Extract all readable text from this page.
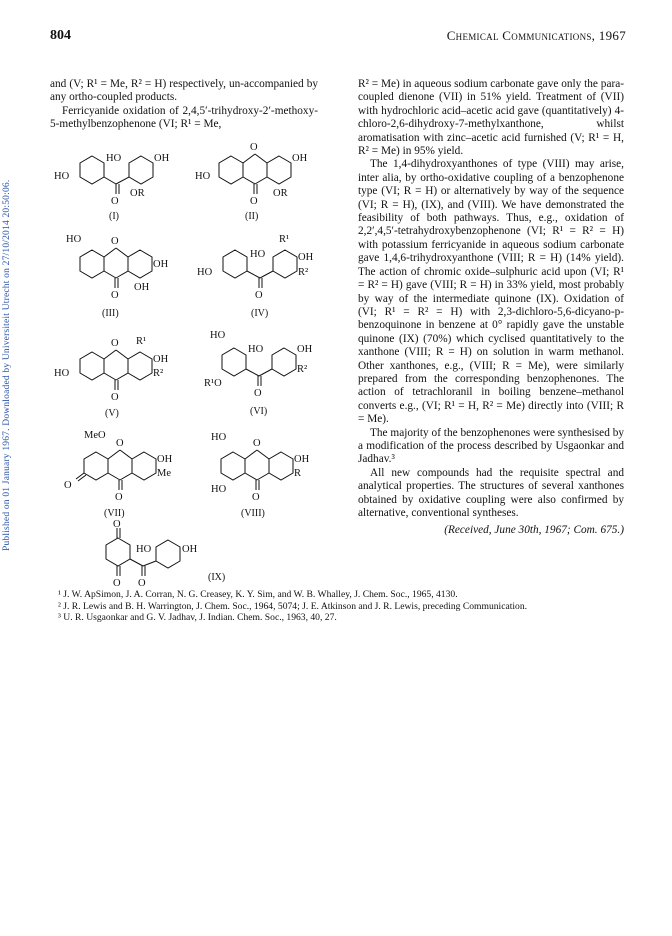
Published on 01 January 1967. Downloaded by Universiteit Utrecht on 27/10/2014 20:50:06.
804	Chemical Communications, 1967

and (V; R¹ = Me, R² = H) respectively, un-accompanied by any ortho-coupled products.

Ferricyanide oxidation of 2,4,5′-trihydroxy-2′-methoxy-5-methylbenzophenone (VI; R¹ = Me,

R² = Me) in aqueous sodium carbonate gave only the para-coupled dienone (VII) in 51% yield. Treatment of (VII) with hydrochloric acid–acetic acid gave (quantitatively) 4-chloro-2,6-dihydroxy-7-methylxanthone, whilst aromatisation with zinc–acetic acid furnished (V; R¹ = H, R² = Me) in 95% yield.

The 1,4-dihydroxyanthones of type (VIII) may arise, inter alia, by ortho-oxidative coupling of a benzophenone type (VI; R = H) or alternatively by way of the sequence (VI; R = H), (IX), and (VIII). We have demonstrated the feasibility of both pathways. Thus, e.g., oxidation of 2,2′,4,5′-tetrahydroxybenzophenone (VI; R¹ = R² = H) with potassium ferricyanide in aqueous sodium carbonate gave 1,4,6-trihydroxyanthone (VIII; R = H) (14% yield). The action of chromic oxide–sulphuric acid upon (VI; R¹ = R² = H) gave (VIII; R = H) in 33% yield, most probably by way of the intermediate quinone (IX). Oxidation of (VI; R¹ = R² = H) with 2,3-dichloro-5,6-dicyano-p-benzoquinone in benzene at 0° rapidly gave the unstable quinone (IX) (70%) which cyclised quantitatively to the xanthone (VIII; R = H) on solution in warm methanol. Other xanthones, e.g., (VIII; R = Me), were similarly prepared from the corresponding benzophenones. The action of tetrachloranil in boiling benzene–methanol converts e.g., (VI; R¹ = H, R² = Me) directly into (VIII; R = Me).

The majority of the benzophenones were synthesised by a modification of the process described by Usgaonkar and Jadhav.³

All new compounds had the requisite spectral and analytical properties. The structures of several xanthones obtained by oxidative coupling were also confirmed by alternative, conventional syntheses.

(Received, June 30th, 1967; Com. 675.)

HO
HO	OH
O
OR
(I)
HO
O
OH
O
OR
(II)
HO	O
OH
O
OH
(III)
R¹
HO	OH
HO	R²
O
(IV)
R¹
O
OH
HO	R²
O
(V)
HO
HO	OH
R¹O
R²
O
(VI)
MeO
O
OH
O
Me
O
(VII)
HO
O
OH
HO
R
O
(VIII)
O
HO	OH
O O
(IX)

¹ J. W. ApSimon, J. A. Corran, N. G. Creasey, K. Y. Sim, and W. B. Whalley, J. Chem. Soc., 1965, 4130.

² J. R. Lewis and B. H. Warrington, J. Chem. Soc., 1964, 5074; J. E. Atkinson and J. R. Lewis, preceding Communication.

³ U. R. Usgaonkar and G. V. Jadhav, J. Indian. Chem. Soc., 1963, 40, 27.
